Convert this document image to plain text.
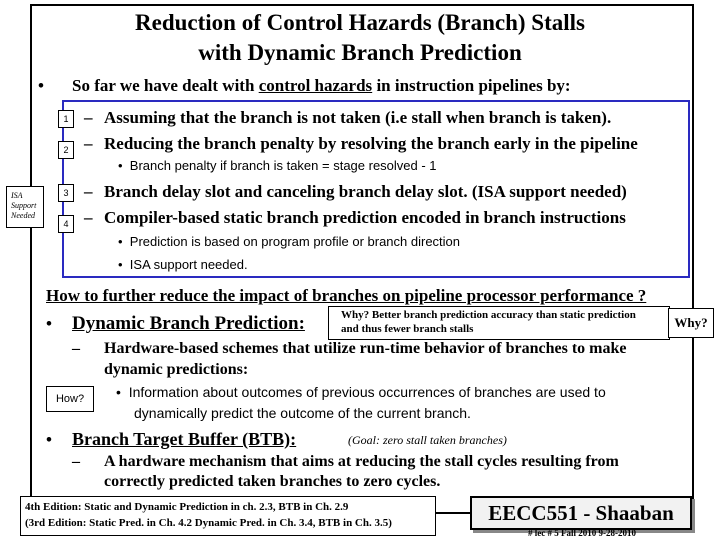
Reduction of Control Hazards (Branch) Stalls
with Dynamic Branch Prediction
• So far we have dealt with control hazards in instruction pipelines by:
1 – Assuming that the branch is not taken (i.e stall when branch is taken).
2 – Reducing the branch penalty by resolving the branch early in the pipeline
•  Branch penalty if branch is taken = stage resolved - 1
ISA
Support
Needed
3 – Branch delay slot and canceling branch delay slot. (ISA support needed)
4 – Compiler-based static branch prediction encoded in branch instructions
•  Prediction is based on program profile or branch direction
•  ISA support needed.
How to further reduce the impact of branches on pipeline processor performance ?
• Dynamic Branch Prediction:	Why? Better branch prediction accuracy than static prediction
and thus fewer branch stalls	Why?
– Hardware-based schemes that utilize run-time behavior of branches to make
dynamic predictions:
How?	•  Information about outcomes of previous occurrences of branches are used to
dynamically predict the outcome of the current branch.
• Branch Target Buffer (BTB):	(Goal: zero stall taken branches)
– A hardware mechanism that aims at reducing the stall cycles resulting from
correctly predicted taken branches to zero cycles.
4th Edition: Static and Dynamic Prediction in ch. 2.3, BTB in Ch. 2.9
(3rd Edition: Static Pred. in Ch. 4.2 Dynamic Pred. in Ch. 3.4, BTB in Ch. 3.5)	EECC551 - Shaaban
# lec # 5 Fall 2010 9-28-2010
